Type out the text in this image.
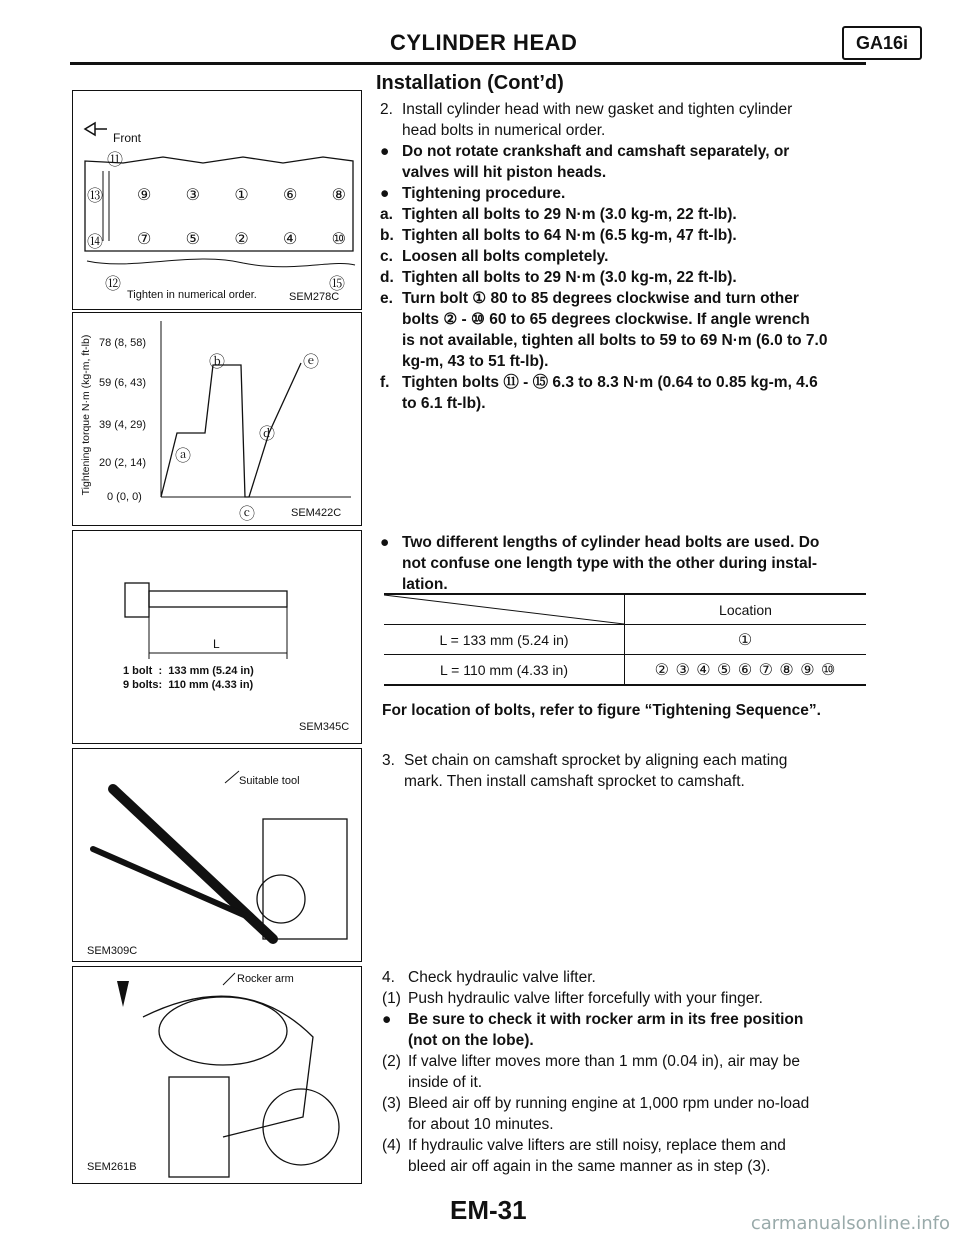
CYLINDER HEAD	GA16i
Installation (Cont’d)
Front
⑪
⑬
⑭
⑫	⑮
⑨ ③ ① ⑥ ⑧
⑦ ⑤ ② ④ ⑩
Tighten in numerical order.	SEM278C
Tightening torque N·m (kg-m, ft-lb) 78 (8, 58)
59 (6, 43)
39 (4, 29)
20 (2, 14)
0 (0, 0)
ⓐ
ⓑ
ⓒ
ⓓ
ⓔ
SEM422C
L
1 bolt  :  133 mm (5.24 in)
9 bolts:  110 mm (4.33 in)
SEM345C
Suitable tool
SEM309C
Rocker arm
SEM261B
2. Install cylinder head with new gasket and tighten cylinder
head bolts in numerical order.
● Do not rotate crankshaft and camshaft separately, or
valves will hit piston heads.
● Tightening procedure.
a. Tighten all bolts to 29 N·m (3.0 kg-m, 22 ft-lb).
b. Tighten all bolts to 64 N·m (6.5 kg-m, 47 ft-lb).
c. Loosen all bolts completely.
d. Tighten all bolts to 29 N·m (3.0 kg-m, 22 ft-lb).
e. Turn bolt ① 80 to 85 degrees clockwise and turn other
bolts ② - ⑩ 60 to 65 degrees clockwise. If angle wrench
is not available, tighten all bolts to 59 to 69 N·m (6.0 to 7.0
kg-m, 43 to 51 ft-lb).
f. Tighten bolts ⑪ - ⑮ 6.3 to 8.3 N·m (0.64 to 0.85 kg-m, 4.6
to 6.1 ft-lb).
● Two different lengths of cylinder head bolts are used. Do
not confuse one length type with the other during instal-
lation.
	Location
L = 133 mm (5.24 in)	①
L = 110 mm (4.33 in)	② ③ ④ ⑤ ⑥ ⑦ ⑧ ⑨ ⑩
For location of bolts, refer to figure “Tightening Sequence”.
3. Set chain on camshaft sprocket by aligning each mating
mark. Then install camshaft sprocket to camshaft.
4. Check hydraulic valve lifter.
(1) Push hydraulic valve lifter forcefully with your finger.
●	Be sure to check it with rocker arm in its free position
(not on the lobe).
(2) If valve lifter moves more than 1 mm (0.04 in), air may be
inside of it.
(3) Bleed air off by running engine at 1,000 rpm under no-load
for about 10 minutes.
(4) If hydraulic valve lifters are still noisy, replace them and
bleed air off again in the same manner as in step (3).
EM-31	carmanualsonline.info
